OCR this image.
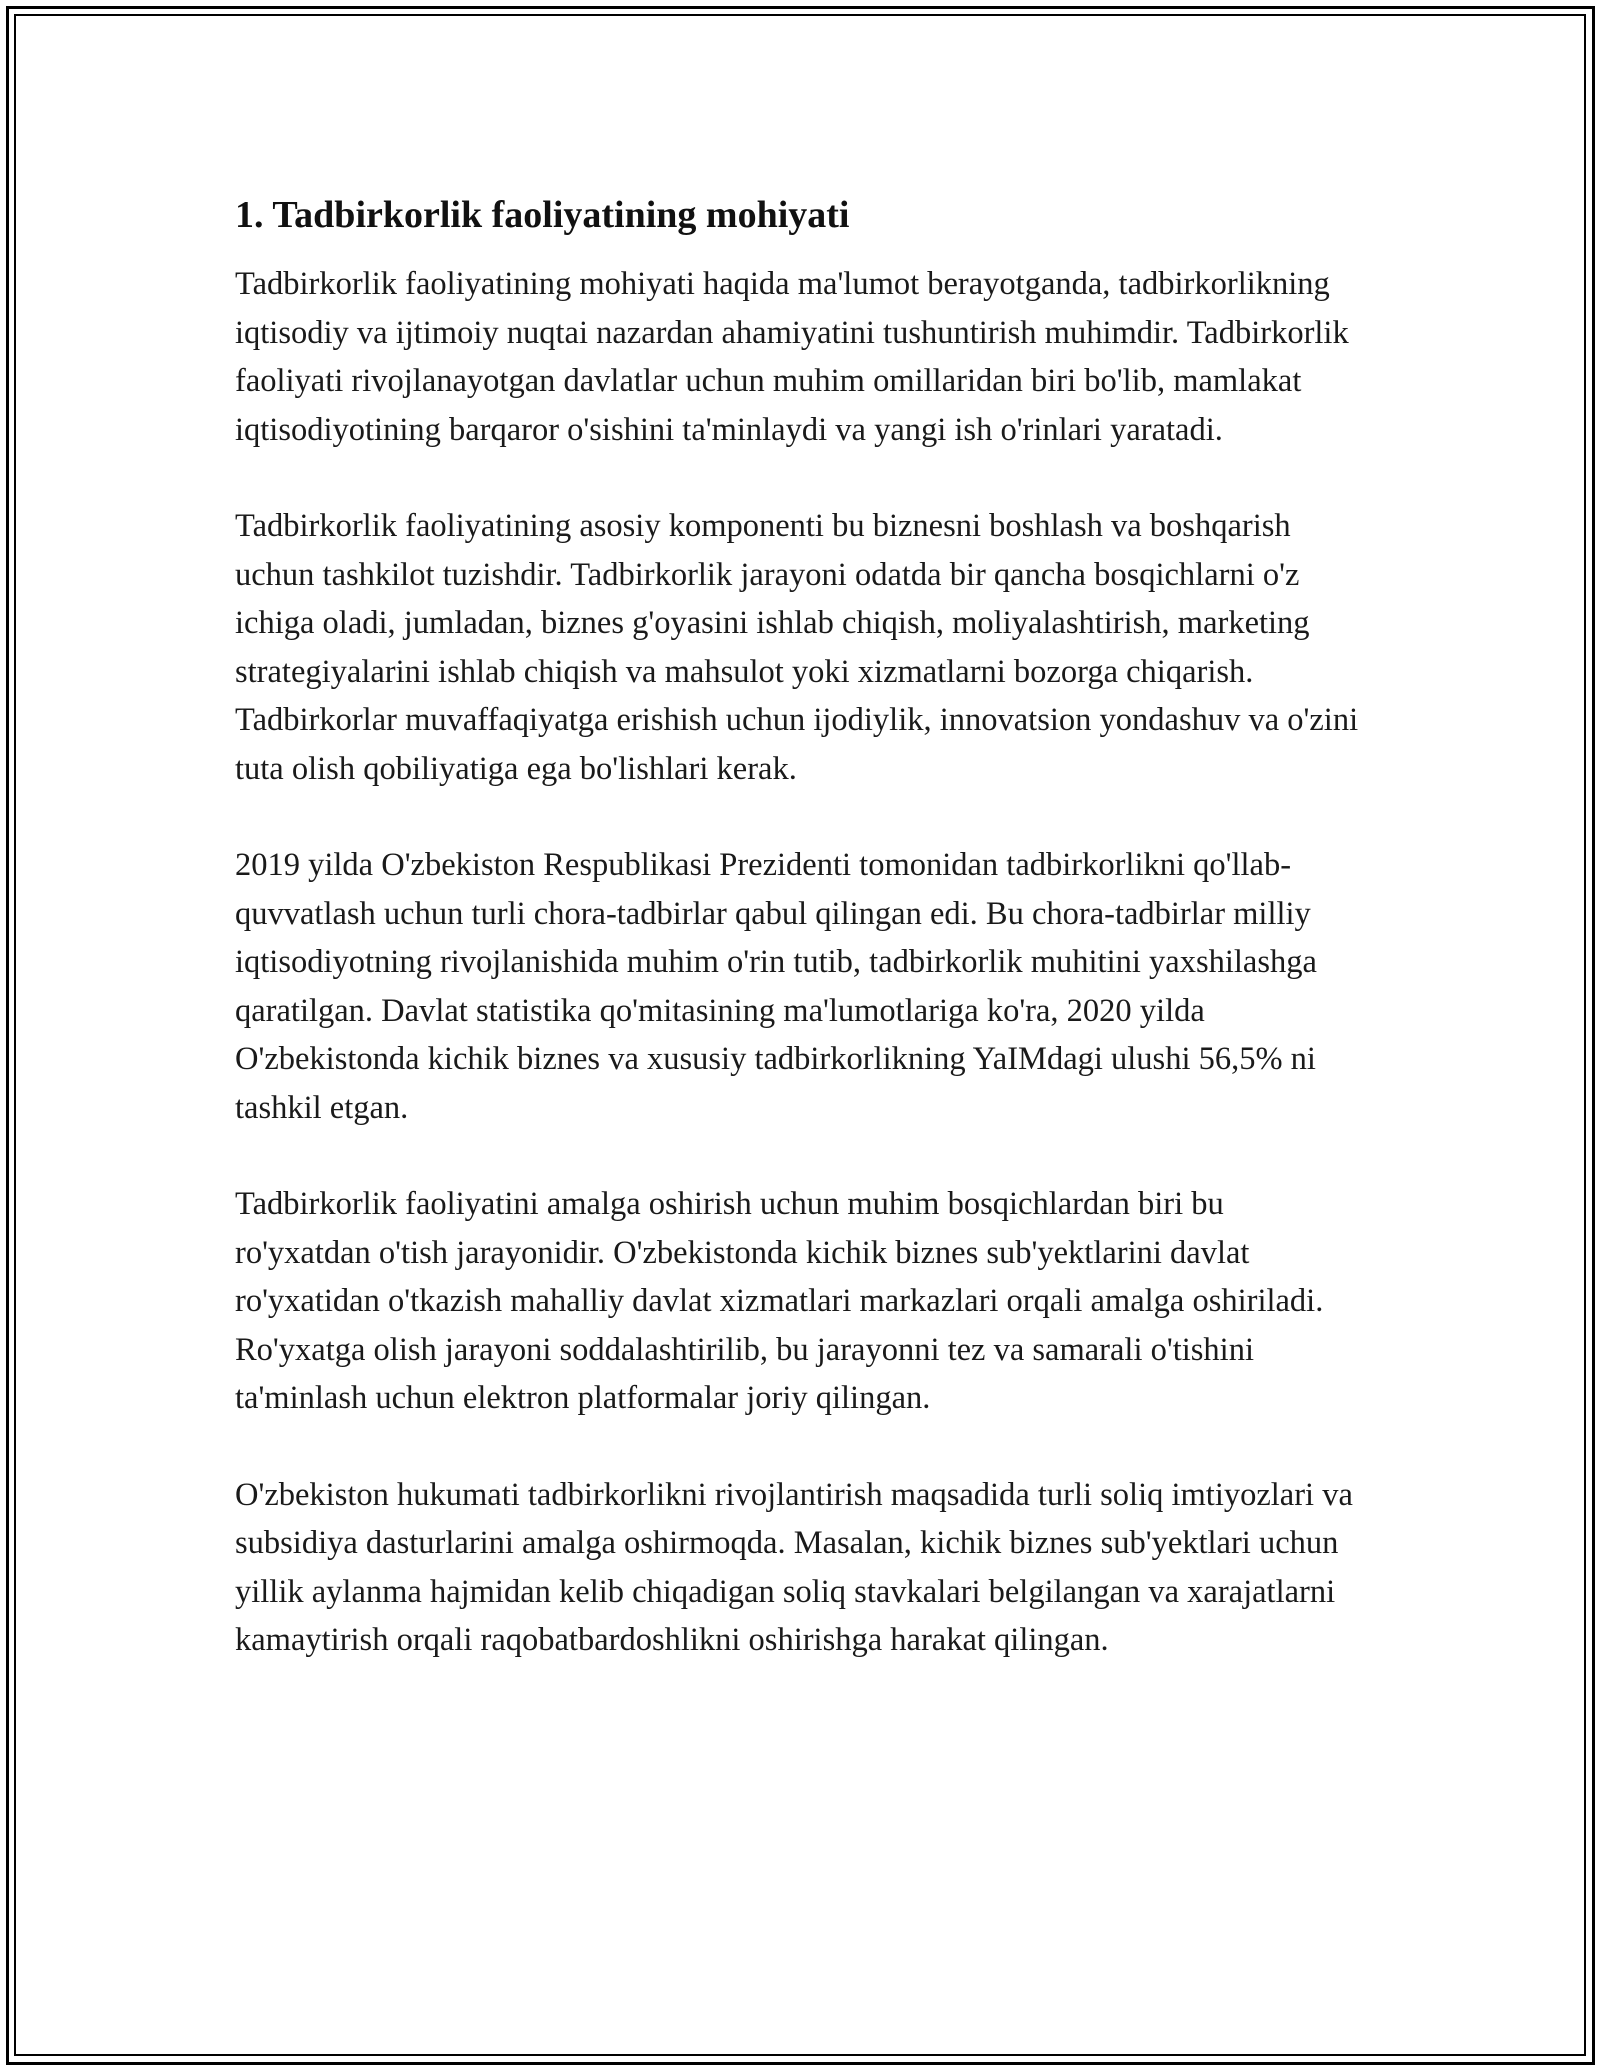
1. Tadbirkorlik faoliyatining mohiyati

Tadbirkorlik faoliyatining mohiyati haqida ma'lumot berayotganda, tadbirkorlikning iqtisodiy va ijtimoiy nuqtai nazardan ahamiyatini tushuntirish muhimdir. Tadbirkorlik faoliyati rivojlanayotgan davlatlar uchun muhim omillaridan biri bo'lib, mamlakat iqtisodiyotining barqaror o'sishini ta'minlaydi va yangi ish o'rinlari yaratadi.

Tadbirkorlik faoliyatining asosiy komponenti bu biznesni boshlash va boshqarish uchun tashkilot tuzishdir. Tadbirkorlik jarayoni odatda bir qancha bosqichlarni o'z ichiga oladi, jumladan, biznes g'oyasini ishlab chiqish, moliyalashtirish, marketing strategiyalarini ishlab chiqish va mahsulot yoki xizmatlarni bozorga chiqarish. Tadbirkorlar muvaffaqiyatga erishish uchun ijodiylik, innovatsion yondashuv va o'zini tuta olish qobiliyatiga ega bo'lishlari kerak.

2019 yilda O'zbekiston Respublikasi Prezidenti tomonidan tadbirkorlikni qo'llab-quvvatlash uchun turli chora-tadbirlar qabul qilingan edi. Bu chora-tadbirlar milliy iqtisodiyotning rivojlanishida muhim o'rin tutib, tadbirkorlik muhitini yaxshilashga qaratilgan. Davlat statistika qo'mitasining ma'lumotlariga ko'ra, 2020 yilda O'zbekistonda kichik biznes va xususiy tadbirkorlikning YaIMdagi ulushi 56,5% ni tashkil etgan.

Tadbirkorlik faoliyatini amalga oshirish uchun muhim bosqichlardan biri bu ro'yxatdan o'tish jarayonidir. O'zbekistonda kichik biznes sub'yektlarini davlat ro'yxatidan o'tkazish mahalliy davlat xizmatlari markazlari orqali amalga oshiriladi. Ro'yxatga olish jarayoni soddalashtirilib, bu jarayonni tez va samarali o'tishini ta'minlash uchun elektron platformalar joriy qilingan.

O'zbekiston hukumati tadbirkorlikni rivojlantirish maqsadida turli soliq imtiyozlari va subsidiya dasturlarini amalga oshirmoqda. Masalan, kichik biznes sub'yektlari uchun yillik aylanma hajmidan kelib chiqadigan soliq stavkalari belgilangan va xarajatlarni kamaytirish orqali raqobatbardoshlikni oshirishga harakat qilingan.
